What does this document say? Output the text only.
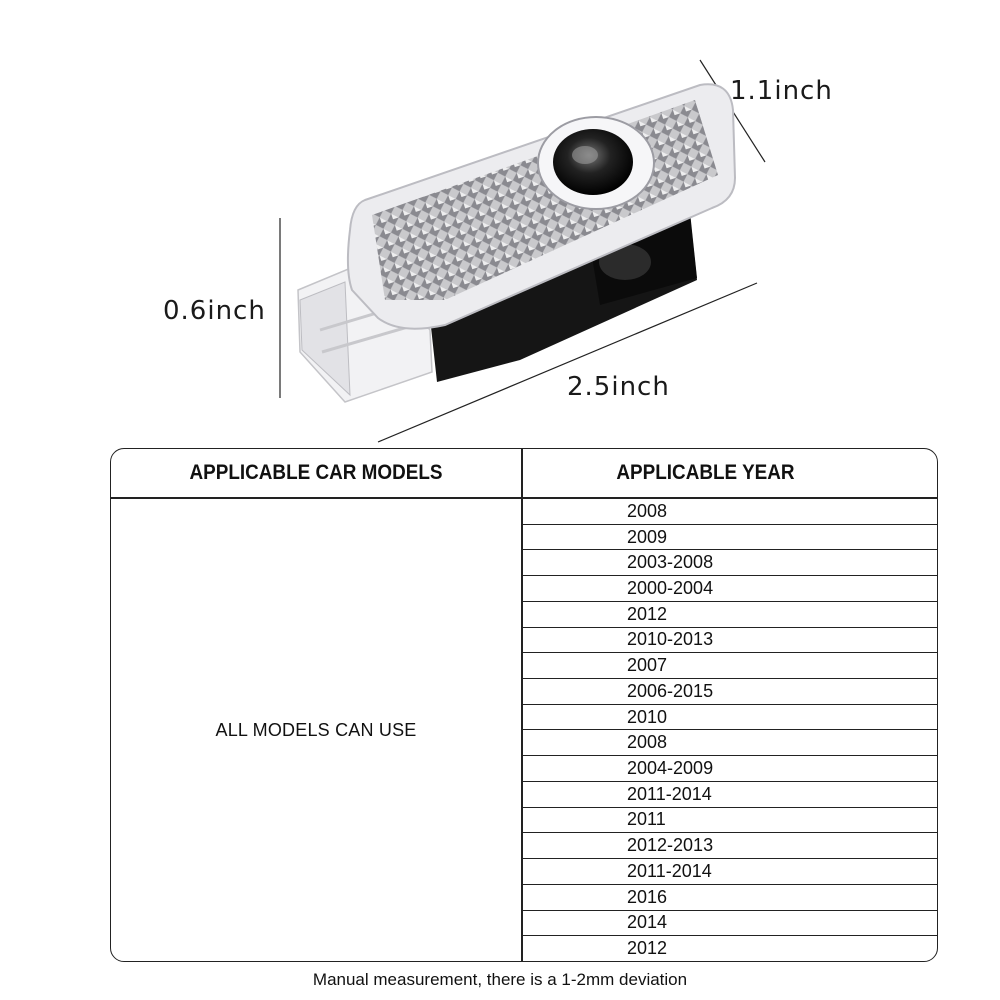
1.1inch
0.6inch
2.5inch
APPLICABLE CAR MODELS	APPLICABLE YEAR
ALL MODELS CAN USE
2008
2009
2003-2008
2000-2004
2012
2010-2013
2007
2006-2015
2010
2008
2004-2009
2011-2014
2011
2012-2013
2011-2014
2016
2014
2012
Manual measurement, there is a 1-2mm deviation
